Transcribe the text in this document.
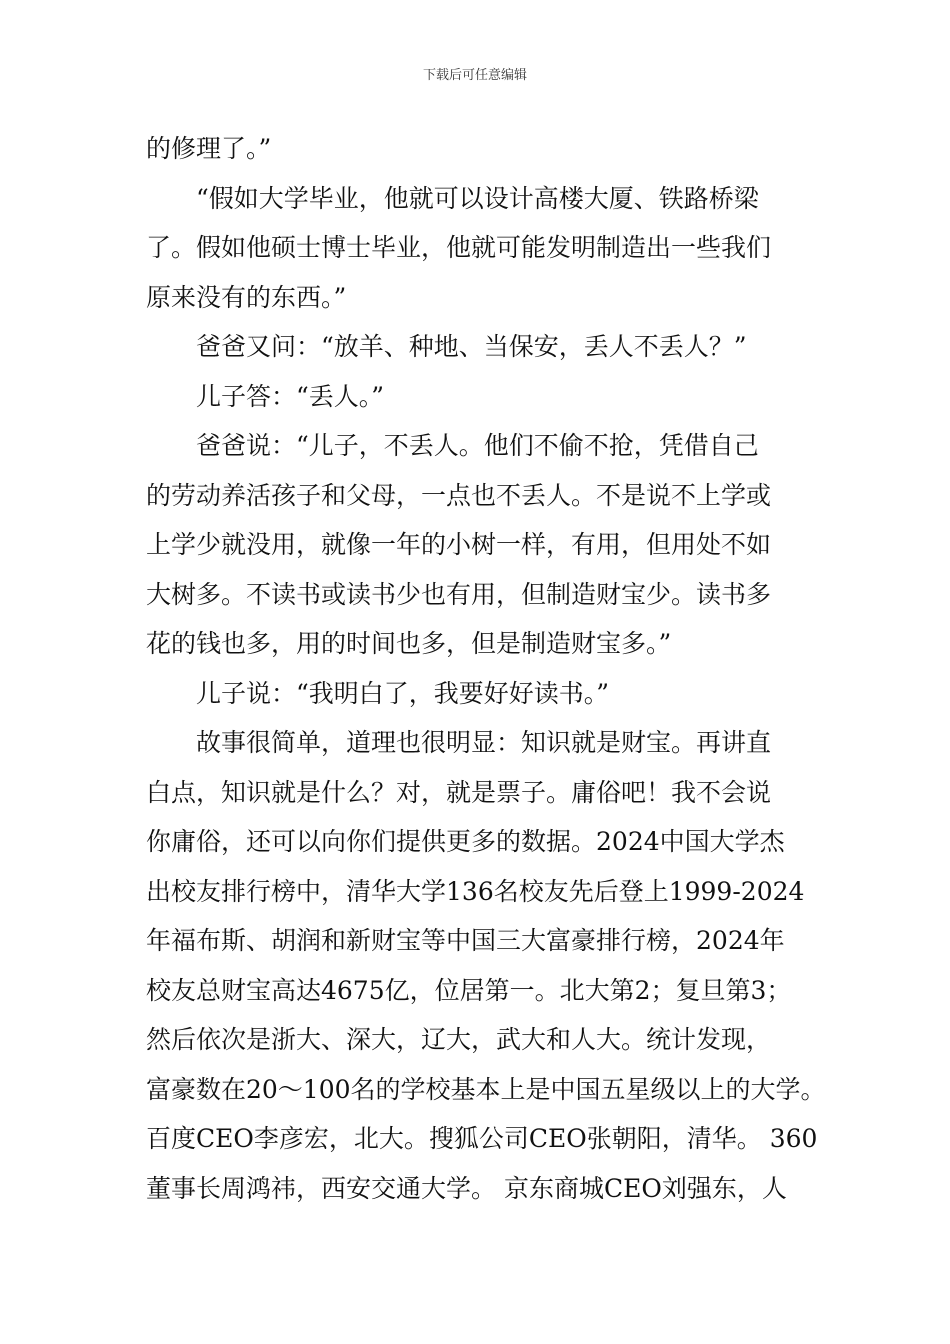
下载后可任意编辑
的修理了。”
“假如大学毕业，他就可以设计高楼大厦、铁路桥梁
了。假如他硕士博士毕业，他就可能发明制造出一些我们
原来没有的东西。”
爸爸又问：“放羊、种地、当保安，丢人不丢人？”
儿子答：“丢人。”
爸爸说：“儿子，不丢人。他们不偷不抢，凭借自己
的劳动养活孩子和父母，一点也不丢人。不是说不上学或
上学少就没用，就像一年的小树一样，有用，但用处不如
大树多。不读书或读书少也有用，但制造财宝少。读书多
花的钱也多，用的时间也多，但是制造财宝多。”
儿子说：“我明白了，我要好好读书。”
故事很简单，道理也很明显：知识就是财宝。再讲直
白点，知识就是什么？对，就是票子。庸俗吧！我不会说
你庸俗，还可以向你们提供更多的数据。2024中国大学杰
出校友排行榜中，清华大学136名校友先后登上1999-2024
年福布斯、胡润和新财宝等中国三大富豪排行榜，2024年
校友总财宝高达4675亿，位居第一。北大第2；复旦第3；
然后依次是浙大、深大，辽大，武大和人大。统计发现，
富豪数在20～100名的学校基本上是中国五星级以上的大学。
百度CEO李彦宏，北大。搜狐公司CEO张朝阳，清华。 360
董事长周鸿祎，西安交通大学。 京东商城CEO刘强东，人
